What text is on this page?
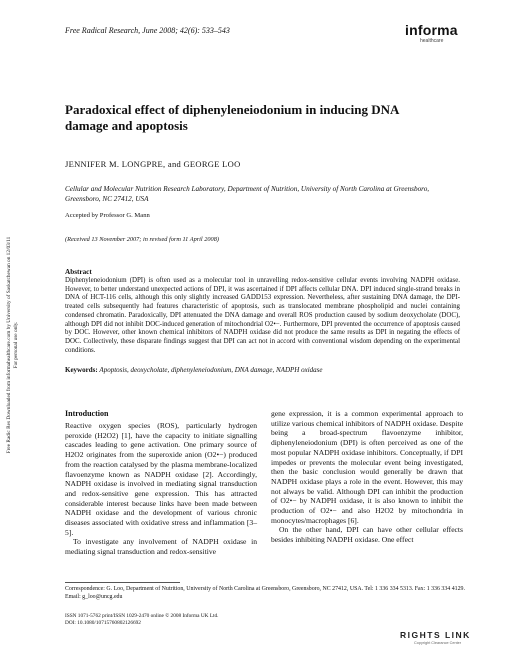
Free Radical Research, June 2008; 42(6): 533–543	informa
healthcare
Paradoxical effect of diphenyleneiodonium in inducing DNA damage and apoptosis
JENNIFER M. LONGPRE, and GEORGE LOO
Cellular and Molecular Nutrition Research Laboratory, Department of Nutrition, University of North Carolina at Greensboro, Greensboro, NC 27412, USA
Accepted by Professor G. Mann
(Received 13 November 2007; in revised form 11 April 2008)
Abstract
Diphenyleneiodonium (DPI) is often used as a molecular tool in unravelling redox-sensitive cellular events involving NADPH oxidase. However, to better understand unexpected actions of DPI, it was ascertained if DPI affects cellular DNA. DPI induced single-strand breaks in DNA of HCT-116 cells, although this only slightly increased GADD153 expression. Nevertheless, after sustaining DNA damage, the DPI-treated cells subsequently had features characteristic of apoptosis, such as translocated membrane phospholipid and nuclei containing condensed chromatin. Paradoxically, DPI attenuated the DNA damage and overall ROS production caused by sodium deoxycholate (DOC), although DPI did not inhibit DOC-induced generation of mitochondrial O2•−. Furthermore, DPI prevented the occurrence of apoptosis caused by DOC. However, other known chemical inhibitors of NADPH oxidase did not produce the same results as DPI in negating the effects of DOC. Collectively, these disparate findings suggest that DPI can act not in accord with conventional wisdom depending on the experimental conditions.
Keywords: Apoptosis, deoxycholate, diphenyleneiodonium, DNA damage, NADPH oxidase
Introduction

Reactive oxygen species (ROS), particularly hydrogen peroxide (H2O2) [1], have the capacity to initiate signalling cascades leading to gene activation. One primary source of H2O2 originates from the superoxide anion (O2•−) produced from the reaction catalysed by the plasma membrane-localized flavoenzyme known as NADPH oxidase [2]. Accordingly, NADPH oxidase is involved in mediating signal transduction and redox-sensitive gene expression. This has attracted considerable interest because links have been made between NADPH oxidase and the development of various chronic diseases associated with oxidative stress and inflammation [3–5].

To investigate any involvement of NADPH oxidase in mediating signal transduction and redox-sensitive

gene expression, it is a common experimental approach to utilize various chemical inhibitors of NADPH oxidase. Despite being a broad-spectrum flavoenzyme inhibitor, diphenyleneiodonium (DPI) is often perceived as one of the most popular NADPH oxidase inhibitors. Conceptually, if DPI impedes or prevents the molecular event being investigated, then the basic conclusion would generally be drawn that NADPH oxidase plays a role in the event. However, this may not always be valid. Although DPI can inhibit the production of O2•− by NADPH oxidase, it is also known to inhibit the production of O2•− and also H2O2 by mitochondria in monocytes/macrophages [6].

On the other hand, DPI can have other cellular effects besides inhibiting NADPH oxidase. One effect

Correspondence: G. Loo, Department of Nutrition, University of North Carolina at Greensboro, Greensboro, NC 27412, USA. Tel: 1 336 334 5313. Fax: 1 336 334 4129. Email: g_loo@uncg.edu
ISSN 1071-5762 print/ISSN 1029-2470 online © 2008 Informa UK Ltd.
DOI: 10.1080/10715760802126692
Free Radic Res Downloaded from informahealthcare.com by University of Saskatchewan on 12/03/11 For personal use only.
RIGHTS LINK
Copyright Clearance Center
